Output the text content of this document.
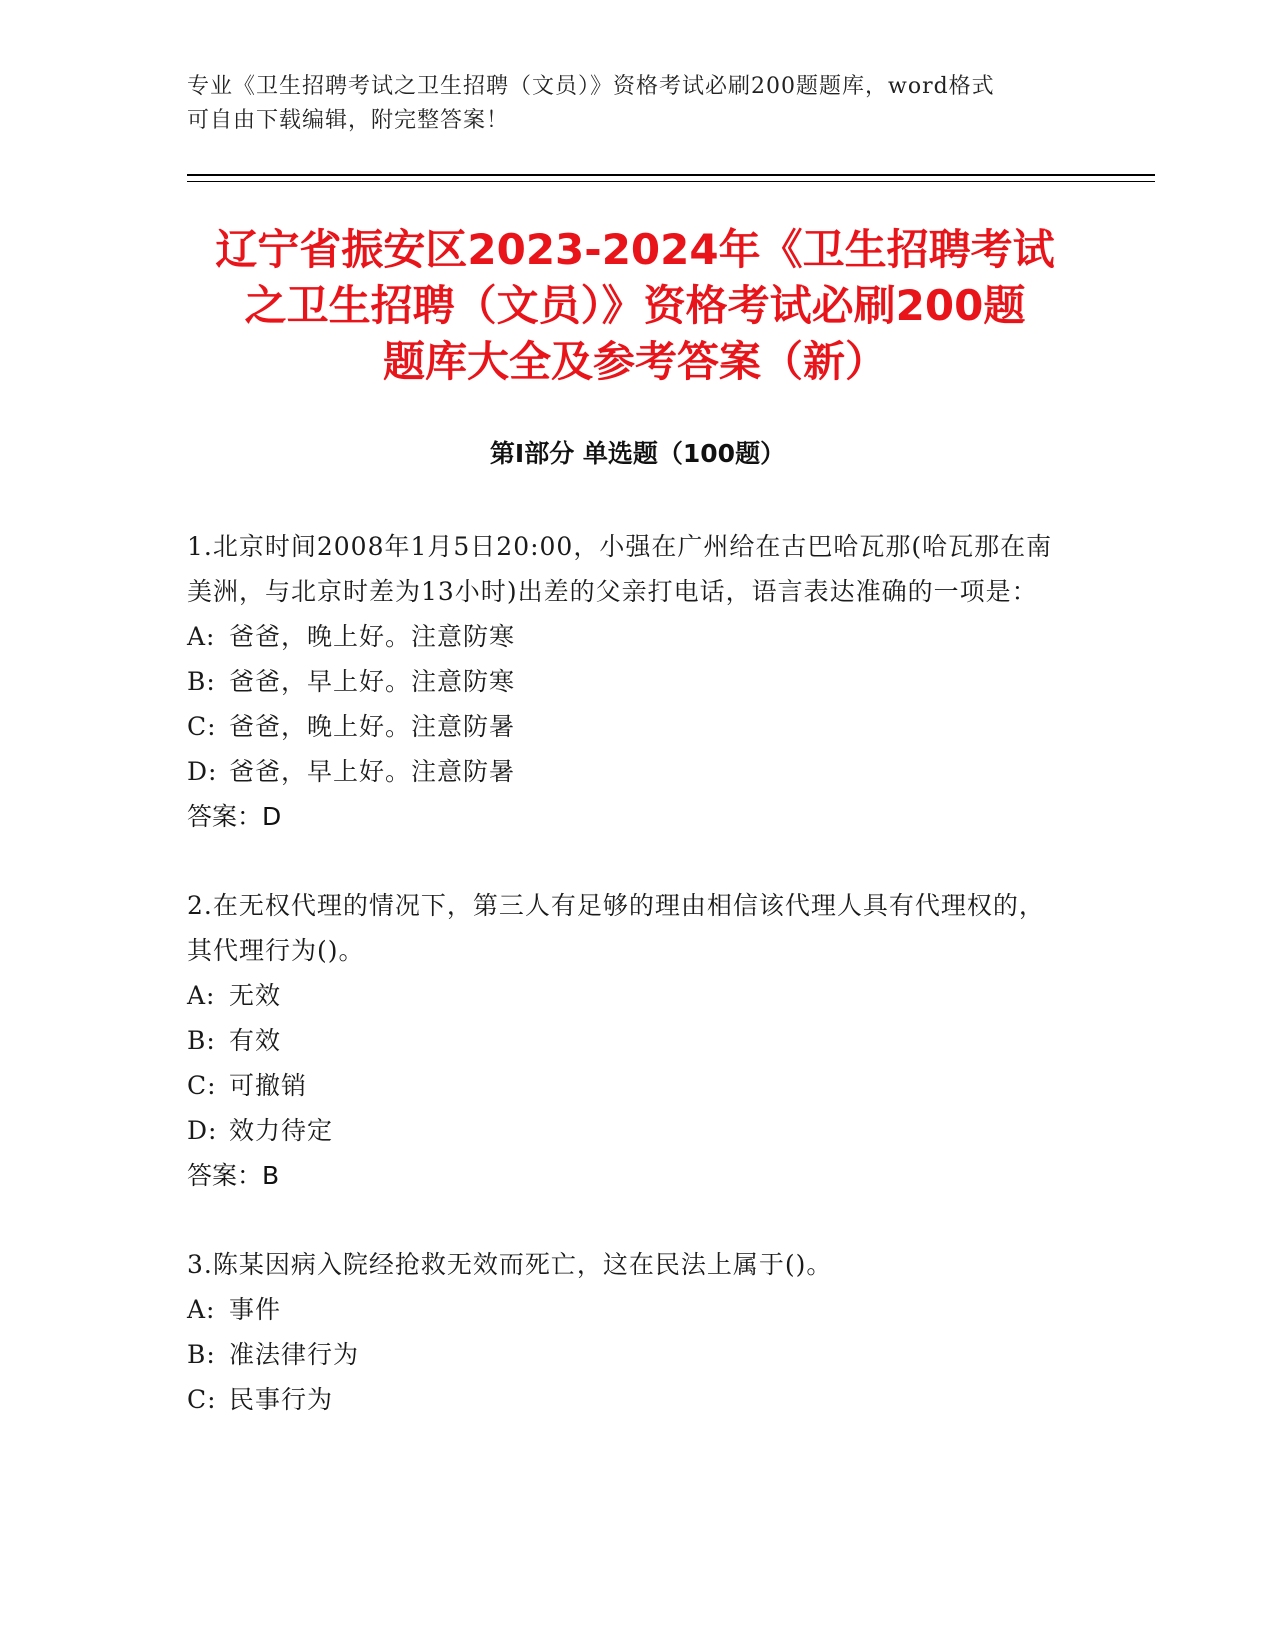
专业《卫生招聘考试之卫生招聘（文员）》资格考试必刷200题题库，word格式
可自由下载编辑，附完整答案！
辽宁省振安区2023-2024年《卫生招聘考试
之卫生招聘（文员）》资格考试必刷200题
题库大全及参考答案（新）
第Ⅰ部分 单选题（100题）
1.北京时间2008年1月5日20:00，小强在广州给在古巴哈瓦那(哈瓦那在南美洲，与北京时差为13小时)出差的父亲打电话，语言表达准确的一项是：
A: 爸爸，晚上好。注意防寒
B: 爸爸，早上好。注意防寒
C: 爸爸，晚上好。注意防暑
D: 爸爸，早上好。注意防暑
答案：D
2.在无权代理的情况下，第三人有足够的理由相信该代理人具有代理权的，其代理行为()。
A: 无效
B: 有效
C: 可撤销
D: 效力待定
答案：B
3.陈某因病入院经抢救无效而死亡，这在民法上属于()。
A: 事件
B: 准法律行为
C: 民事行为
